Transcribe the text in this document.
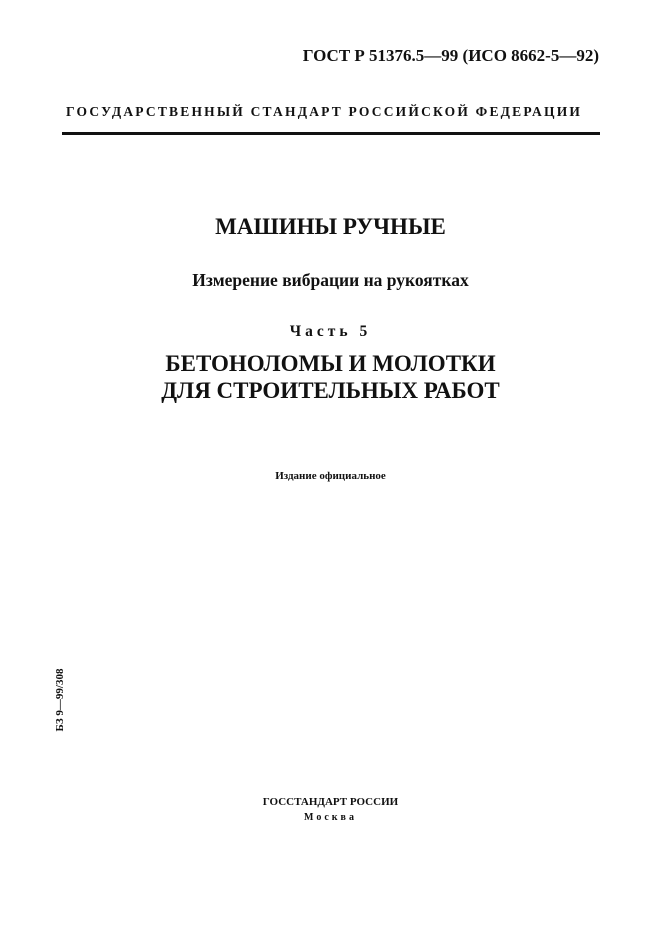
ГОСТ Р 51376.5—99 (ИСО 8662-5—92)
ГОСУДАРСТВЕННЫЙ СТАНДАРТ РОССИЙСКОЙ ФЕДЕРАЦИИ
МАШИНЫ РУЧНЫЕ
Измерение вибрации на рукоятках
Часть 5
БЕТОНОЛОМЫ И МОЛОТКИ
ДЛЯ СТРОИТЕЛЬНЫХ РАБОТ
Издание официальное
БЗ 9—99/308
ГОССТАНДАРТ РОССИИ
Москва
